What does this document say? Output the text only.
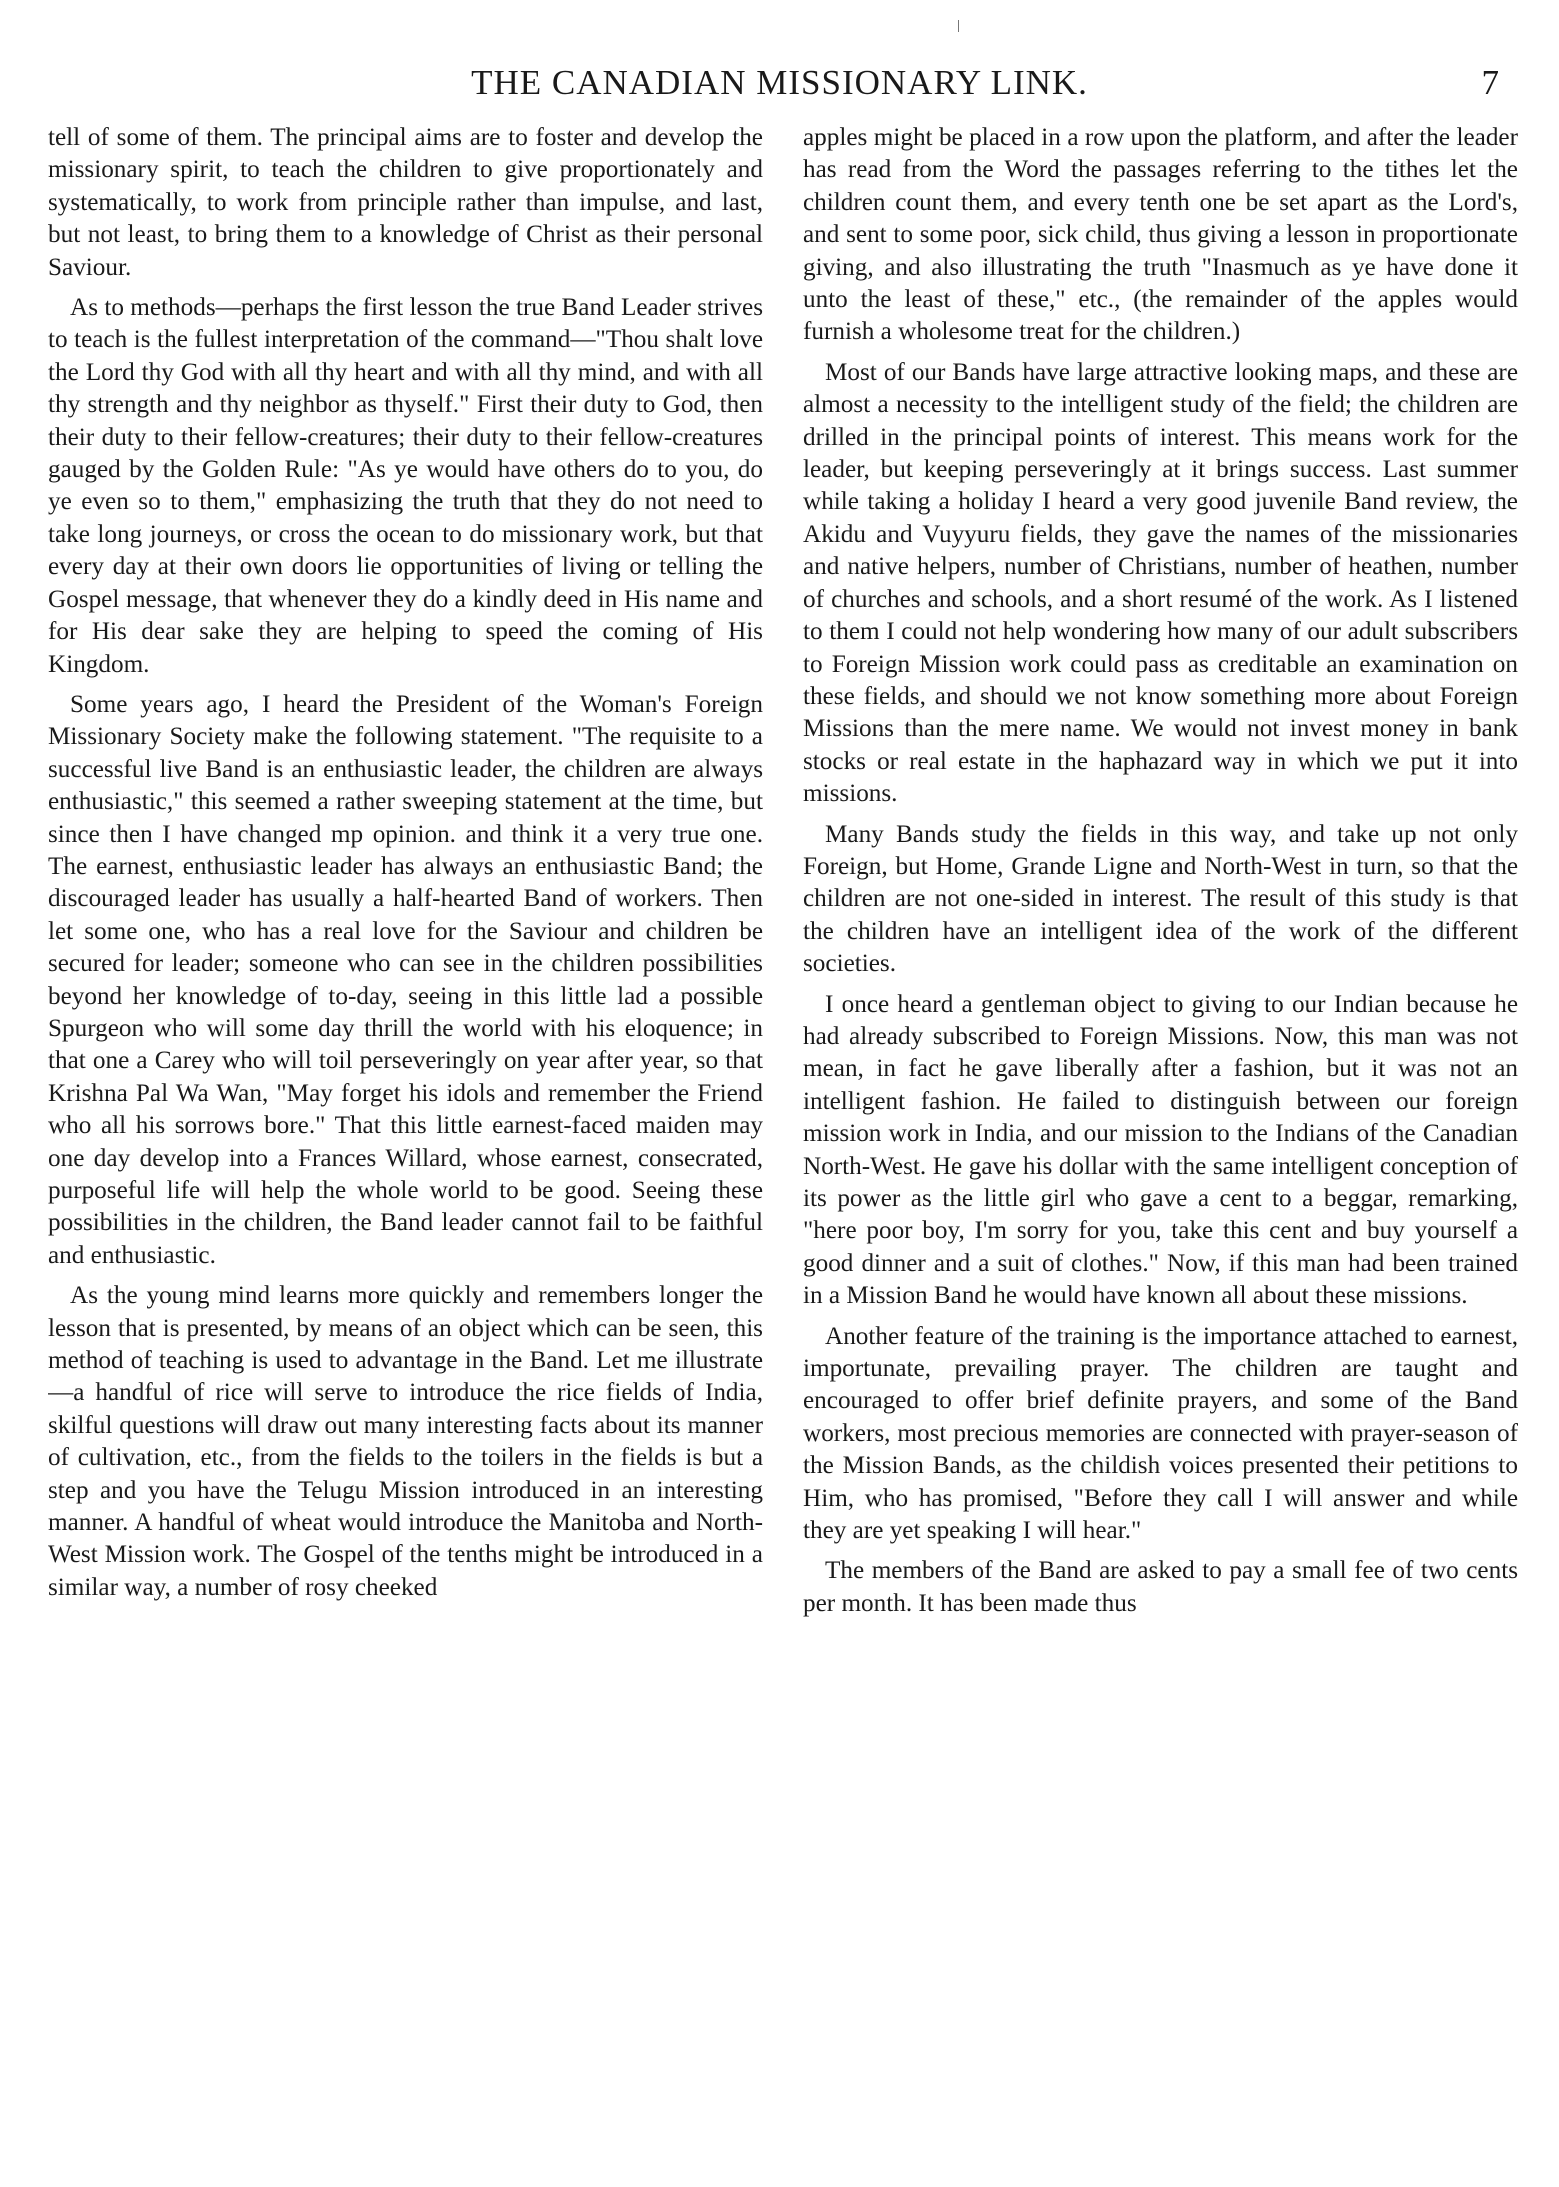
THE CANADIAN MISSIONARY LINK.	7

tell of some of them. The principal aims are to foster and develop the missionary spirit, to teach the children to give proportionately and systematically, to work from principle rather than impulse, and last, but not least, to bring them to a knowledge of Christ as their personal Saviour.

As to methods—perhaps the first lesson the true Band Leader strives to teach is the fullest interpretation of the command—"Thou shalt love the Lord thy God with all thy heart and with all thy mind, and with all thy strength and thy neighbor as thyself." First their duty to God, then their duty to their fellow-creatures; their duty to their fellow-creatures gauged by the Golden Rule: "As ye would have others do to you, do ye even so to them," emphasizing the truth that they do not need to take long journeys, or cross the ocean to do missionary work, but that every day at their own doors lie opportunities of living or telling the Gospel message, that whenever they do a kindly deed in His name and for His dear sake they are helping to speed the coming of His Kingdom.

Some years ago, I heard the President of the Woman's Foreign Missionary Society make the following statement. "The requisite to a successful live Band is an enthusiastic leader, the children are always enthusiastic," this seemed a rather sweeping statement at the time, but since then I have changed mp opinion. and think it a very true one. The earnest, enthusiastic leader has always an enthusiastic Band; the discouraged leader has usually a half-hearted Band of workers. Then let some one, who has a real love for the Saviour and children be secured for leader; someone who can see in the children possibilities beyond her knowledge of to-day, seeing in this little lad a possible Spurgeon who will some day thrill the world with his eloquence; in that one a Carey who will toil perseveringly on year after year, so that Krishna Pal Wa Wan, "May forget his idols and remember the Friend who all his sorrows bore." That this little earnest-faced maiden may one day develop into a Frances Willard, whose earnest, consecrated, purposeful life will help the whole world to be good. Seeing these possibilities in the children, the Band leader cannot fail to be faithful and enthusiastic.

As the young mind learns more quickly and remembers longer the lesson that is presented, by means of an object which can be seen, this method of teaching is used to advantage in the Band. Let me illustrate—a handful of rice will serve to introduce the rice fields of India, skilful questions will draw out many interesting facts about its manner of cultivation, etc., from the fields to the toilers in the fields is but a step and you have the Telugu Mission introduced in an interesting manner. A handful of wheat would introduce the Manitoba and North-West Mission work. The Gospel of the tenths might be introduced in a similar way, a number of rosy cheeked

apples might be placed in a row upon the platform, and after the leader has read from the Word the passages referring to the tithes let the children count them, and every tenth one be set apart as the Lord's, and sent to some poor, sick child, thus giving a lesson in proportionate giving, and also illustrating the truth "Inasmuch as ye have done it unto the least of these," etc., (the remainder of the apples would furnish a wholesome treat for the children.)

Most of our Bands have large attractive looking maps, and these are almost a necessity to the intelligent study of the field; the children are drilled in the principal points of interest. This means work for the leader, but keeping perseveringly at it brings success. Last summer while taking a holiday I heard a very good juvenile Band review, the Akidu and Vuyyuru fields, they gave the names of the missionaries and native helpers, number of Christians, number of heathen, number of churches and schools, and a short resumé of the work. As I listened to them I could not help wondering how many of our adult subscribers to Foreign Mission work could pass as creditable an examination on these fields, and should we not know something more about Foreign Missions than the mere name. We would not invest money in bank stocks or real estate in the haphazard way in which we put it into missions.

Many Bands study the fields in this way, and take up not only Foreign, but Home, Grande Ligne and North-West in turn, so that the children are not one-sided in interest. The result of this study is that the children have an intelligent idea of the work of the different societies.

I once heard a gentleman object to giving to our Indian because he had already subscribed to Foreign Missions. Now, this man was not mean, in fact he gave liberally after a fashion, but it was not an intelligent fashion. He failed to distinguish between our foreign mission work in India, and our mission to the Indians of the Canadian North-West. He gave his dollar with the same intelligent conception of its power as the little girl who gave a cent to a beggar, remarking, "here poor boy, I'm sorry for you, take this cent and buy yourself a good dinner and a suit of clothes." Now, if this man had been trained in a Mission Band he would have known all about these missions.

Another feature of the training is the importance attached to earnest, importunate, prevailing prayer. The children are taught and encouraged to offer brief definite prayers, and some of the Band workers, most precious memories are connected with prayer-season of the Mission Bands, as the childish voices presented their petitions to Him, who has promised, "Before they call I will answer and while they are yet speaking I will hear."

The members of the Band are asked to pay a small fee of two cents per month. It has been made thus
